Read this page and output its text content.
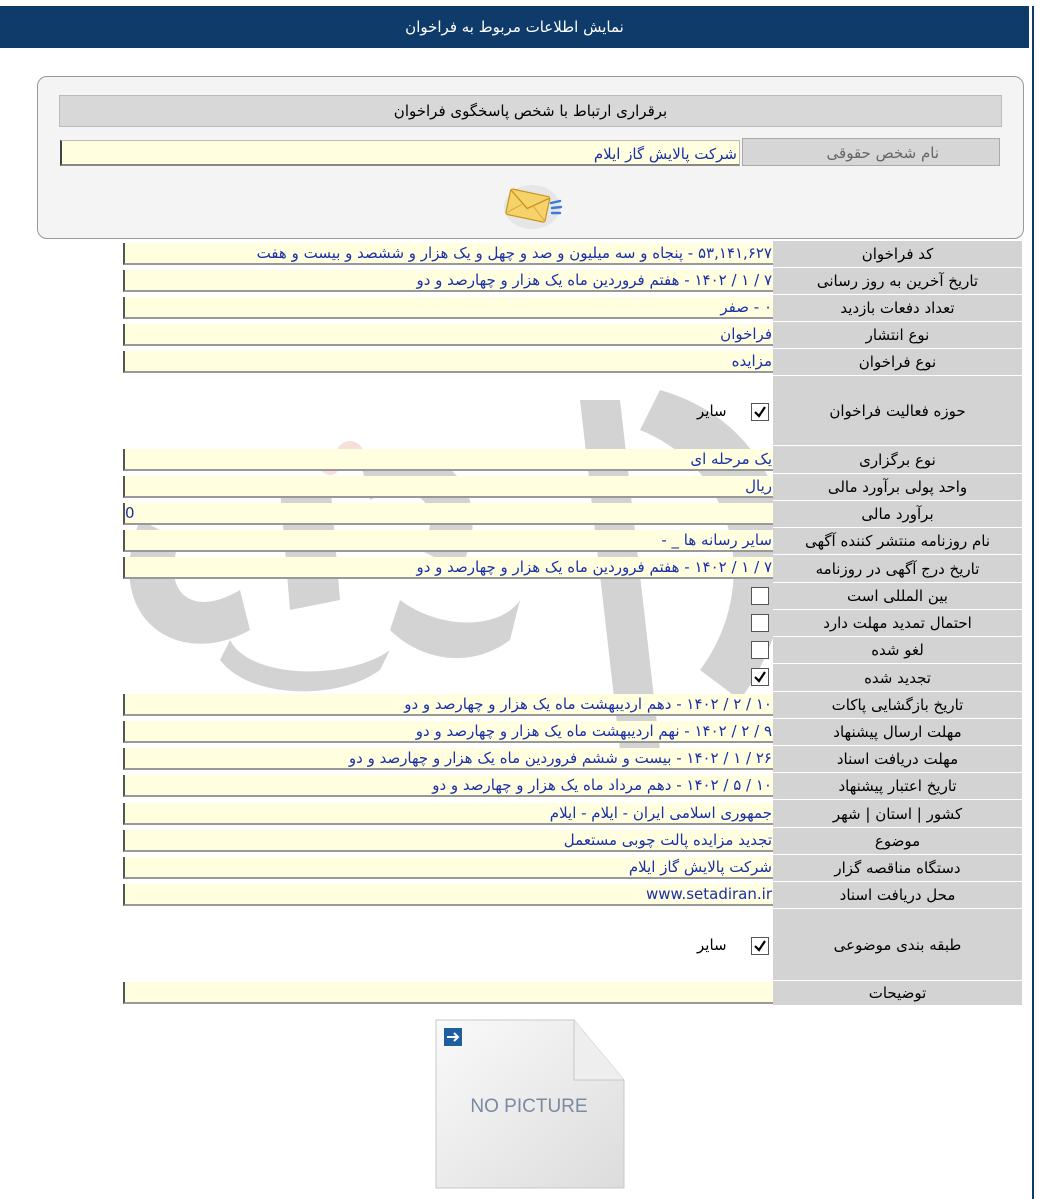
نمایش اطلاعات مربوط به فراخوان
برقراری ارتباط با شخص پاسخگوی فراخوان
نام شخص حقوقی
شرکت پالایش گاز ایلام
کد فراخوان
۵۳,۱۴۱,۶۲۷ - پنجاه و سه میلیون و صد و چهل و یک هزار و ششصد و بیست و هفت
تاریخ آخرین به روز رسانی
۷ / ۱ / ۱۴۰۲ - هفتم فروردین ماه یک هزار و چهارصد و دو
تعداد دفعات بازدید
۰ - صفر
نوع انتشار
فراخوان
نوع فراخوان
مزایده
حوزه فعالیت فراخوان
سایر
نوع برگزاری
یک مرحله ای
واحد پولی برآورد مالی
ریال
برآورد مالی
0
نام روزنامه منتشر کننده آگهی
سایر رسانه ها _ -
تاریخ درج آگهی در روزنامه
۷ / ۱ / ۱۴۰۲ - هفتم فروردین ماه یک هزار و چهارصد و دو
بین المللی است
احتمال تمدید مهلت دارد
لغو شده
تجدید شده
تاریخ بازگشایی پاکات
۱۰ / ۲ / ۱۴۰۲ - دهم اردیبهشت ماه یک هزار و چهارصد و دو
مهلت ارسال پیشنهاد
۹ / ۲ / ۱۴۰۲ - نهم اردیبهشت ماه یک هزار و چهارصد و دو
مهلت دریافت اسناد
۲۶ / ۱ / ۱۴۰۲ - بیست و ششم فروردین ماه یک هزار و چهارصد و دو
تاریخ اعتبار پیشنهاد
۱۰ / ۵ / ۱۴۰۲ - دهم مرداد ماه یک هزار و چهارصد و دو
کشور | استان | شهر
جمهوری اسلامی ایران - ایلام - ایلام
موضوع
تجدید مزایده پالت چوبی مستعمل
دستگاه مناقصه گزار
شرکت پالایش گاز ایلام
محل دریافت اسناد
www.setadiran.ir
طبقه بندی موضوعی
سایر
توضیحات
NO PICTURE
